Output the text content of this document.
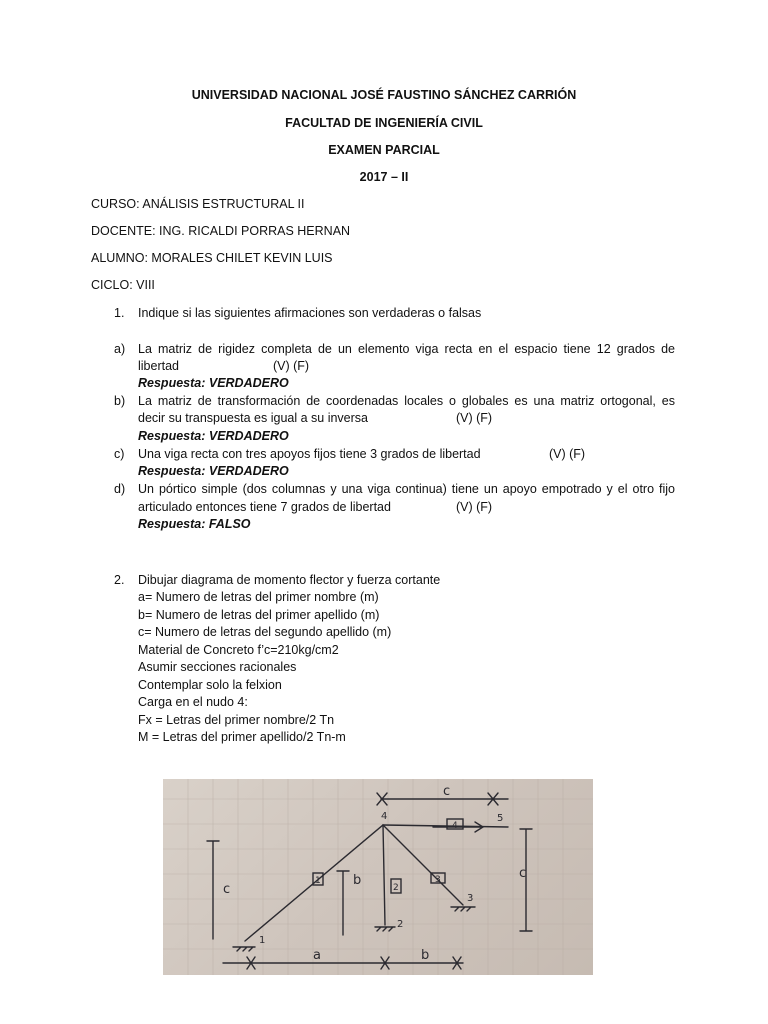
UNIVERSIDAD NACIONAL JOSÉ FAUSTINO SÁNCHEZ CARRIÓN
FACULTAD DE INGENIERÍA CIVIL
EXAMEN PARCIAL
2017 – II
CURSO: ANÁLISIS ESTRUCTURAL II
DOCENTE: ING. RICALDI PORRAS HERNAN
ALUMNO: MORALES CHILET KEVIN LUIS
CICLO: VIII
1. Indique si las siguientes afirmaciones son verdaderas o falsas
a) La matriz de rigidez completa de un elemento viga recta en el espacio tiene 12 grados de
libertad	(V) (F)
Respuesta: VERDADERO
b) La matriz de transformación de coordenadas locales o globales es una matriz ortogonal, es
decir su transpuesta es igual a su inversa	(V) (F)
Respuesta: VERDADERO
c) Una viga recta con tres apoyos fijos tiene 3 grados de libertad	(V) (F)
Respuesta: VERDADERO
d) Un pórtico simple (dos columnas y una viga continua) tiene un apoyo empotrado y el otro fijo
articulado entonces tiene 7 grados de libertad	(V) (F)
Respuesta: FALSO
2. Dibujar diagrama de momento flector y fuerza cortante
a= Numero de letras del primer nombre (m)
b= Numero de letras del primer apellido (m)
c= Numero de letras del segundo apellido (m)
Material de Concreto f’c=210kg/cm2
Asumir secciones racionales
Contemplar solo la felxion
Carga en el nudo 4:
Fx = Letras del primer nombre/2 Tn
M = Letras del primer apellido/2 Tn-m
c
c
c
b
b
a
1
2
3
4	5
1
2
3
4
